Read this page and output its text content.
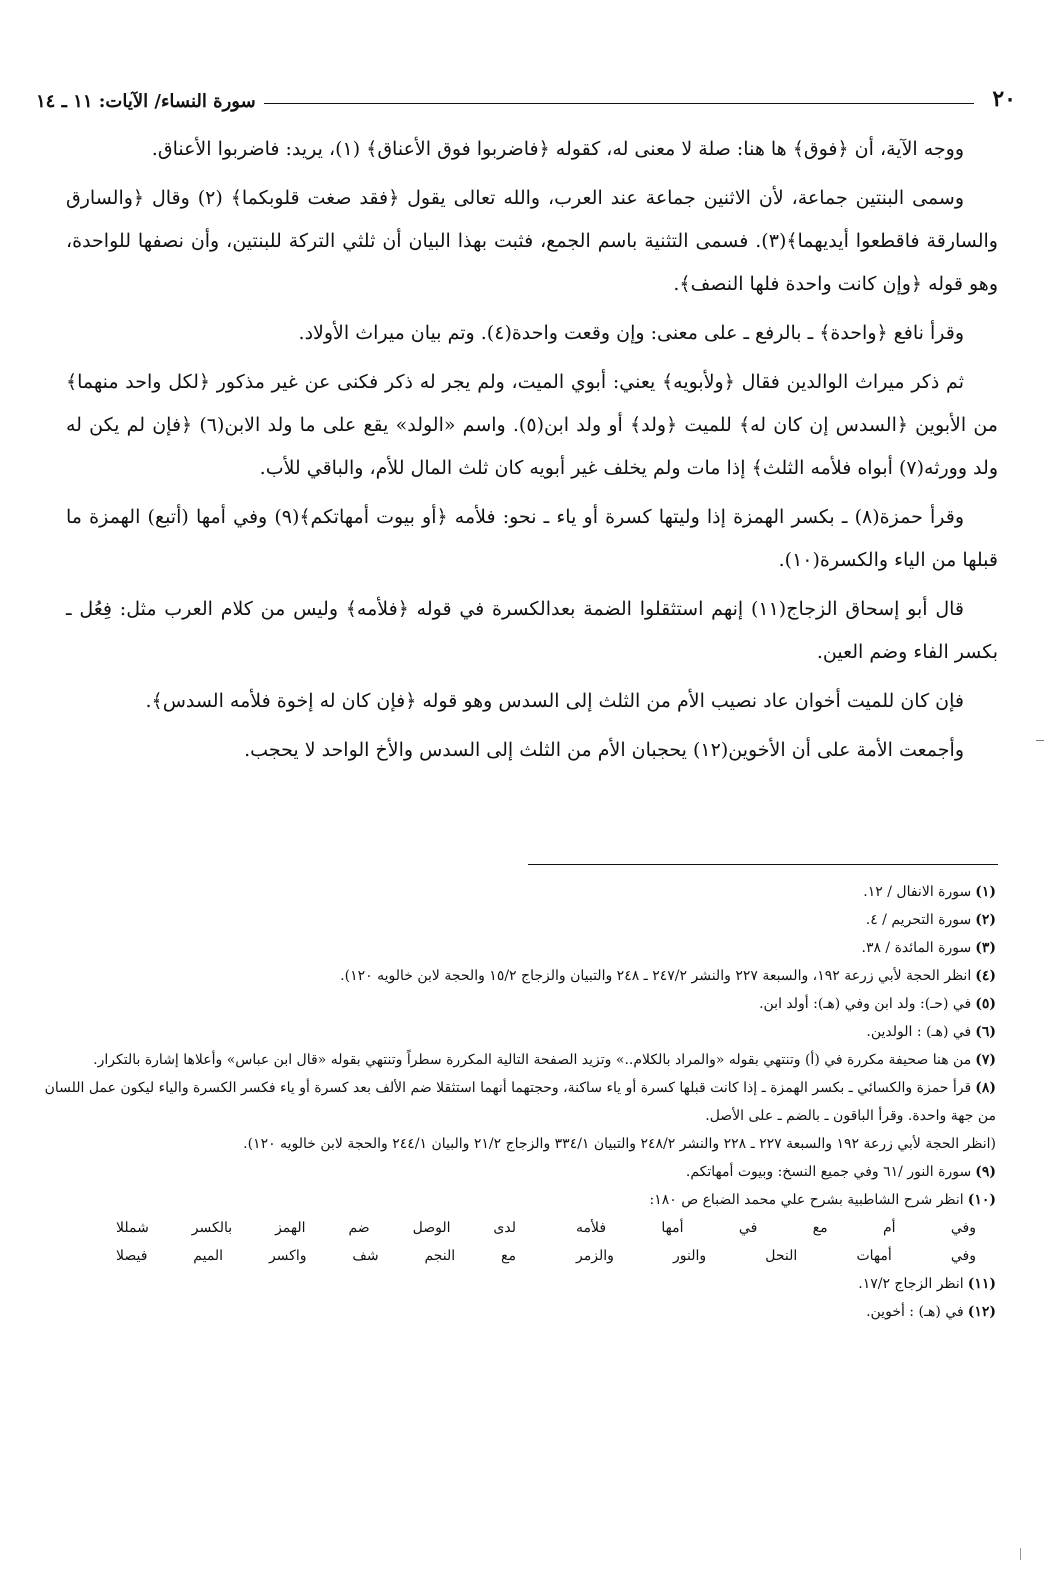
٢٠
سورة النساء/ الآيات: ١١ ـ ١٤

ووجه الآية، أن ﴿فوق﴾ ها هنا: صلة لا معنى له، كقوله ﴿فاضربوا فوق الأعناق﴾ (١)، يريد: فاضربوا الأعناق.

وسمى البنتين جماعة، لأن الاثنين جماعة عند العرب، والله تعالى يقول ﴿فقد صغت قلوبكما﴾ (٢) وقال ﴿والسارق والسارقة فاقطعوا أيديهما﴾(٣). فسمى التثنية باسم الجمع، فثبت بهذا البيان أن ثلثي التركة للبنتين، وأن نصفها للواحدة، وهو قوله ﴿وإن كانت واحدة فلها النصف﴾.

وقرأ نافع ﴿واحدة﴾ ـ بالرفع ـ على معنى: وإن وقعت واحدة(٤). وتم بيان ميراث الأولاد.

ثم ذكر ميراث الوالدين فقال ﴿ولأبويه﴾ يعني: أبوي الميت، ولم يجر له ذكر فكنى عن غير مذكور ﴿لكل واحد منهما﴾ من الأبوين ﴿السدس إن كان له﴾ للميت ﴿ولد﴾ أو ولد ابن(٥). واسم «الولد» يقع على ما ولد الابن(٦) ﴿فإن لم يكن له ولد وورثه(٧) أبواه فلأمه الثلث﴾ إذا مات ولم يخلف غير أبويه كان ثلث المال للأم، والباقي للأب.

وقرأ حمزة(٨) ـ بكسر الهمزة إذا وليتها كسرة أو ياء ـ نحو: فلأمه ﴿أو بيوت أمهاتكم﴾(٩) وفي أمها (أتبع) الهمزة ما قبلها من الياء والكسرة(١٠).

قال أبو إسحاق الزجاج(١١) إنهم استثقلوا الضمة بعدالكسرة في قوله ﴿فلأمه﴾ وليس من كلام العرب مثل: فِعُل ـ بكسر الفاء وضم العين.

فإن كان للميت أخوان عاد نصيب الأم من الثلث إلى السدس وهو قوله ﴿فإن كان له إخوة فلأمه السدس﴾.

وأجمعت الأمة على أن الأخوين(١٢) يحجبان الأم من الثلث إلى السدس والأخ الواحد لا يحجب.

(١)سورة الانفال / ١٢.

(٢)سورة التحريم / ٤.

(٣)سورة المائدة / ٣٨.

(٤)انظر الحجة لأبي زرعة ١٩٢، والسبعة ٢٢٧ والنشر ٢٤٧/٢ ـ ٢٤٨ والتبيان والزجاج ١٥/٢ والحجة لابن خالويه ١٢٠).

(٥)في (حـ): ولد ابن وفي (هـ): أولد ابن.

(٦)في (هـ) : الولدين.

(٧)من هنا صحيفة مكررة في (أ) وتنتهي بقوله «والمراد بالكلام..» وتزيد الصفحة التالية المكررة سطراً وتنتهي بقوله «قال ابن عباس» وأعلاها إشارة بالتكرار.

(٨)قرأ حمزة والكسائي ـ بكسر الهمزة ـ إذا كانت قبلها كسرة أو ياء ساكنة، وحجتهما أنهما استثقلا ضم الألف بعد كسرة أو ياء فكسر الكسرة والياء ليكون عمل اللسان من جهة واحدة. وقرأ الباقون ـ بالضم ـ على الأصل.

(انظر الحجة لأبي زرعة ١٩٢ والسبعة ٢٢٧ ـ ٢٢٨ والنشر ٢٤٨/٢ والتبيان ٣٣٤/١ والزجاج ٢١/٢ والبيان ٢٤٤/١ والحجة لابن خالويه ١٢٠).

(٩)سورة النور /٦١ وفي جميع النسخ: وبيوت أمهاتكم.

(١٠)انظر شرح الشاطبية بشرح علي محمد الضباع ص ١٨٠:

وفي أم مع في أمها فلأمه
لدى الوصل ضم الهمز بالكسر شمللا
وفي أمهات النحل والنور والزمر
مع النجم شف واكسر الميم فيصلا

(١١)انظر الزجاج ١٧/٢.

(١٢)في (هـ) : أخوين.
